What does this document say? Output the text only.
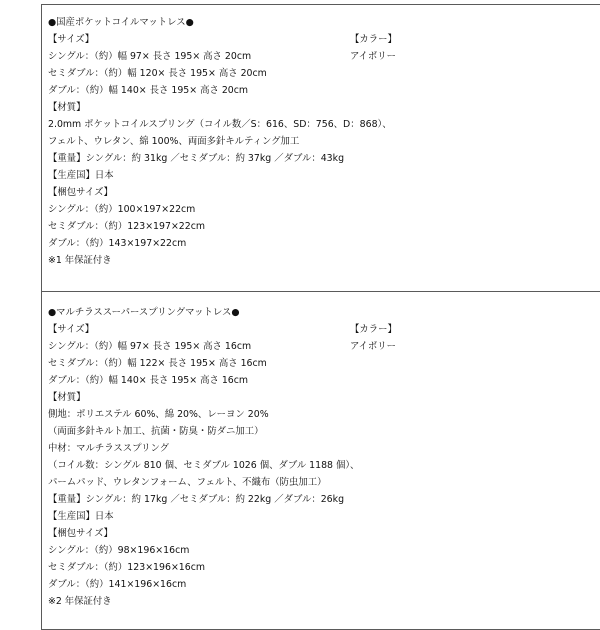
●国産ポケットコイルマットレス●
【サイズ】
シングル：（約）幅 97× 長さ 195× 高さ 20cm
セミダブル：（約）幅 120× 長さ 195× 高さ 20cm
ダブル：（約）幅 140× 長さ 195× 高さ 20cm
【材質】
2.0mm ポケットコイルスプリング（コイル数／S：616、SD：756、D：868）、
フェルト、ウレタン、綿 100%、両面多針キルティング加工
【重量】シングル：約 31kg ／セミダブル：約 37kg ／ダブル：43kg
【生産国】日本
【梱包サイズ】
シングル：（約）100×197×22cm
セミダブル：（約）123×197×22cm
ダブル：（約）143×197×22cm
※1 年保証付き
【カラー】
アイボリー
●マルチラススーパースプリングマットレス●
【サイズ】
シングル：（約）幅 97× 長さ 195× 高さ 16cm
セミダブル：（約）幅 122× 長さ 195× 高さ 16cm
ダブル：（約）幅 140× 長さ 195× 高さ 16cm
【材質】
側地：ポリエステル 60%、綿 20%、レーヨン 20%
（両面多針キルト加工、抗菌・防臭・防ダニ加工）
中材：マルチラススプリング
（コイル数：シングル 810 個、セミダブル 1026 個、ダブル 1188 個）、
パームパッド、ウレタンフォーム、フェルト、不織布（防虫加工）
【重量】シングル：約 17kg ／セミダブル：約 22kg ／ダブル：26kg
【生産国】日本
【梱包サイズ】
シングル：（約）98×196×16cm
セミダブル：（約）123×196×16cm
ダブル：（約）141×196×16cm
※2 年保証付き
【カラー】
アイボリー
